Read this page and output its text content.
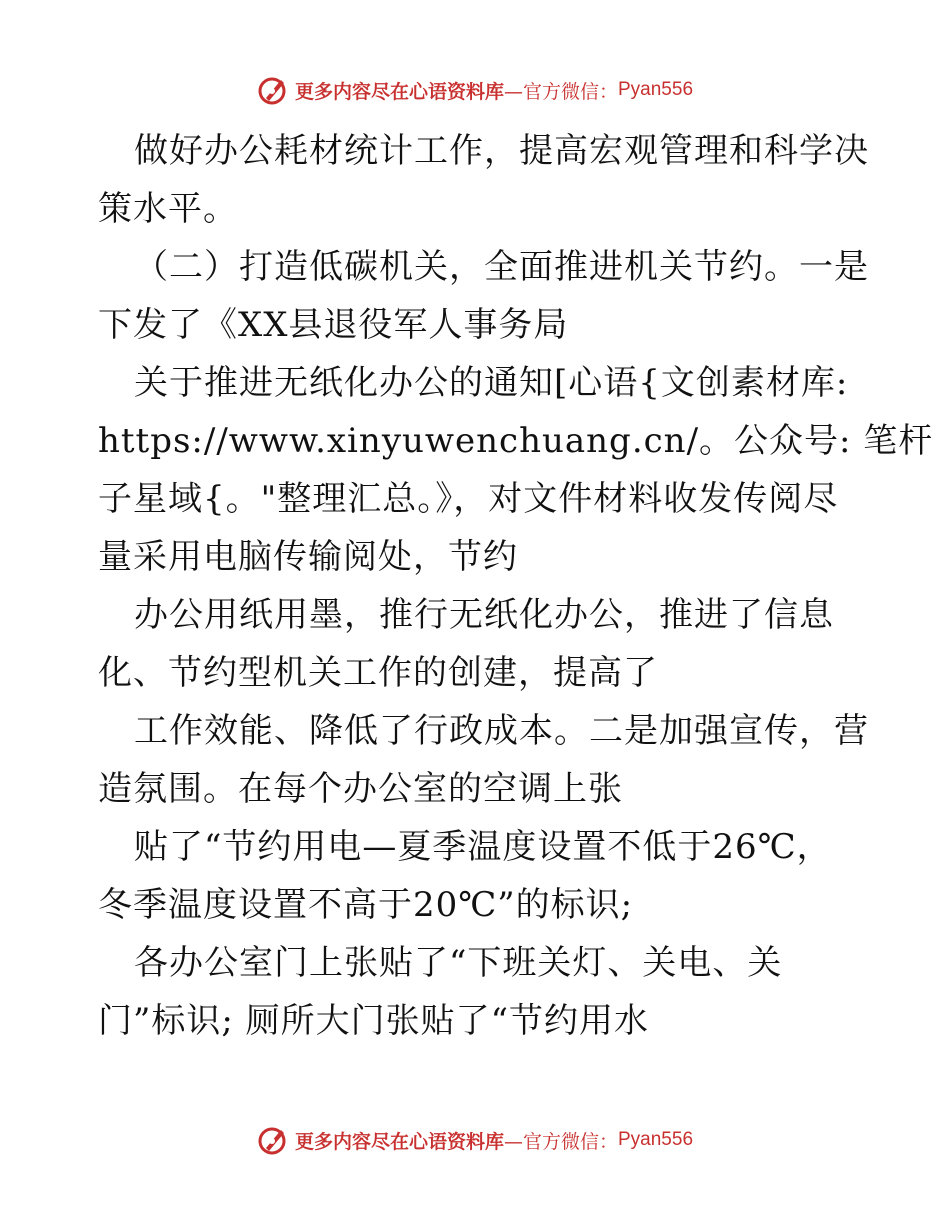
更多内容尽在心语资料库 —官方微信： Pyan556
做好办公耗材统计工作，提高宏观管理和科学决
策水平。
（二）打造低碳机关，全面推进机关节约。一是
下发了《XX县退役军人事务局
关于推进无纸化办公的通知[心语{文创素材库:
https://www.xinyuwenchuang.cn/。公众号: 笔杆
子星域{。"整理汇总。》，对文件材料收发传阅尽
量采用电脑传输阅处，节约
办公用纸用墨，推行无纸化办公，推进了信息
化、节约型机关工作的创建，提高了
工作效能、降低了行政成本。二是加强宣传，营
造氛围。在每个办公室的空调上张
贴了“节约用电—夏季温度设置不低于26℃，
冬季温度设置不高于20℃”的标识;
各办公室门上张贴了“下班关灯、关电、关
门”标识; 厕所大门张贴了“节约用水
更多内容尽在心语资料库 —官方微信： Pyan556
